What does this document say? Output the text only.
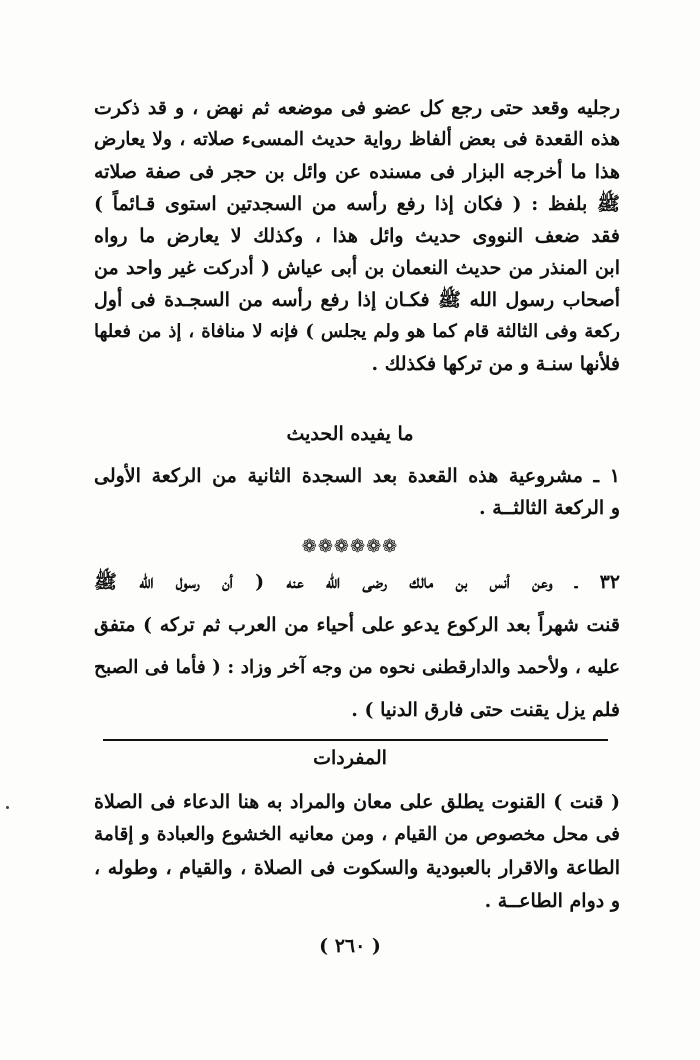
رجليه وقعد حتى رجع كل عضو فى موضعه ثم نهض ، و قد ذكرت

هذه القعدة فى بعض ألفاظ رواية حديث المسىء صلاته ، ولا يعارض

هذا ما أخرجه البزار فى مسنده عن وائل بن حجر فى صفة صلاته

ﷺ بلفظ : ( فكان إذا رفع رأسه من السجدتين استوى قـائماً )

فقد ضعف النووى حديث وائل هذا ، وكذلك لا يعارض ما رواه

ابن المنذر من حديث النعمان بن أبى عياش ( أدركت غير واحد من

أصحاب رسول الله ﷺ فكـان إذا رفع رأسه من السجـدة فى أول

ركعة وفى الثالثة قام كما هو ولم يجلس ) فإنه لا منافاة ، إذ من فعلها

فلأنها سنـة و من تركها فكذلك .

ما يفيده الحديث

١ ـ مشروعية هذه القعدة بعد السجدة الثانية من الركعة الأولى

و الركعة الثالثــة .

❁❁❁❁❁❁

٣٢ ـ وعن أنس بن مالك رضى الله عنه ( أن رسول الله ﷺ

قنت شهراً بعد الركوع يدعو على أحياء من العرب ثم تركه ) متفق

عليه ، ولأحمد والدارقطنى نحوه من وجه آخر وزاد : ( فأما فى الصبح

فلم يزل يقنت حتى فارق الدنيا ) .

المفردات

( قنت ) القنوت يطلق على معان والمراد به هنا الدعاء فى الصلاة

فى محل مخصوص من القيام ، ومن معانيه الخشوع والعبادة و إقامة

الطاعة والاقرار بالعبودية والسكوت فى الصلاة ، والقيام ، وطوله ،

و دوام الطاعــة .

( ٢٦٠ )
